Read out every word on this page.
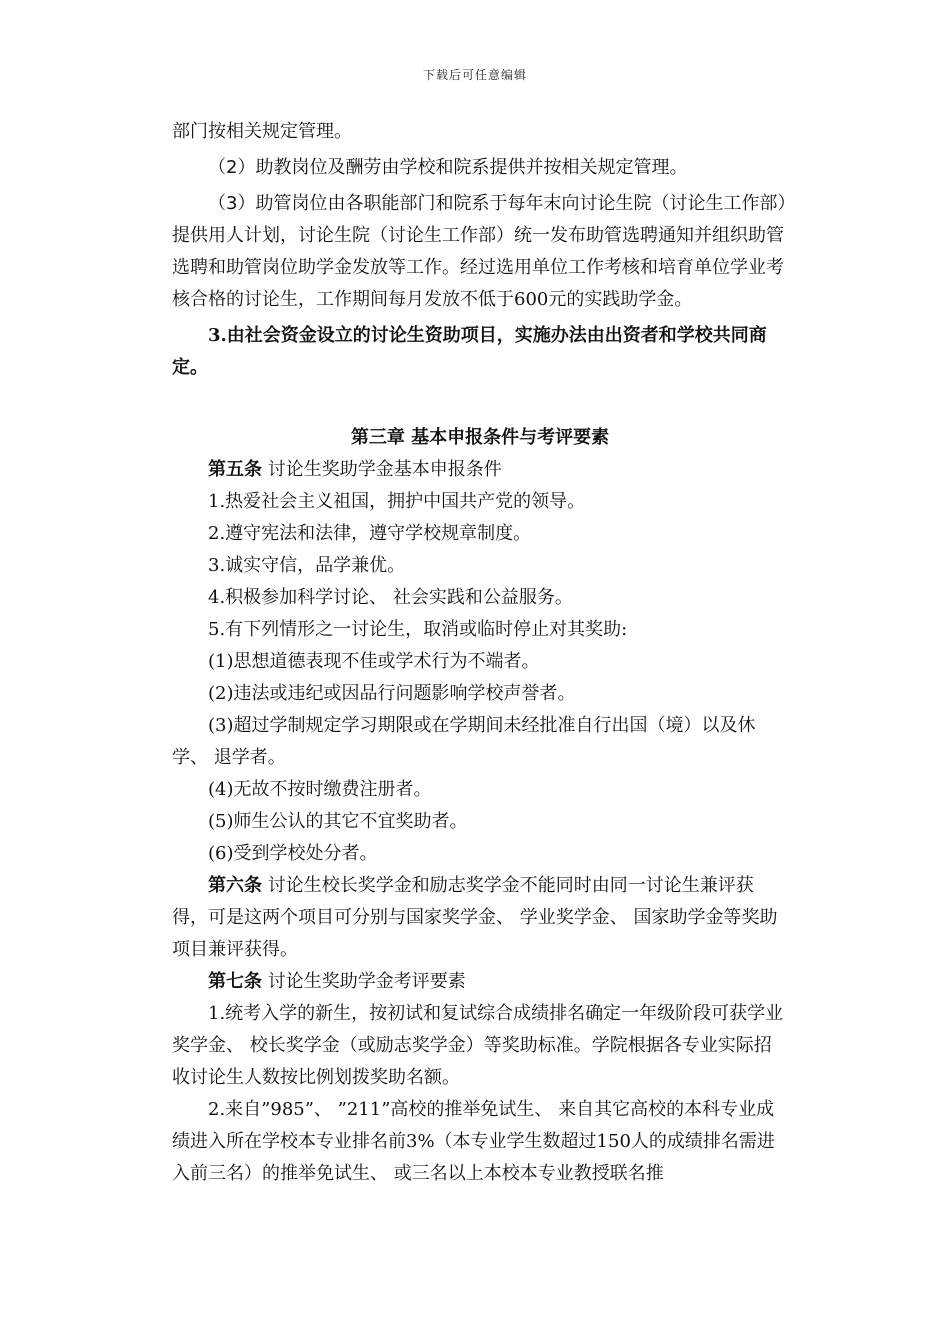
下载后可任意编辑

部门按相关规定管理。

（2）助教岗位及酬劳由学校和院系提供并按相关规定管理。

（3）助管岗位由各职能部门和院系于每年末向讨论生院（讨论生工作部）提供用人计划，讨论生院（讨论生工作部）统一发布助管选聘通知并组织助管选聘和助管岗位助学金发放等工作。经过选用单位工作考核和培育单位学业考核合格的讨论生，工作期间每月发放不低于600元的实践助学金。

3.由社会资金设立的讨论生资助项目，实施办法由出资者和学校共同商定。

第三章 基本申报条件与考评要素

第五条 讨论生奖助学金基本申报条件

1.热爱社会主义祖国，拥护中国共产党的领导。

2.遵守宪法和法律，遵守学校规章制度。

3.诚实守信，品学兼优。

4.积极参加科学讨论、 社会实践和公益服务。

5.有下列情形之一讨论生，取消或临时停止对其奖助:

(1)思想道德表现不佳或学术行为不端者。

(2)违法或违纪或因品行问题影响学校声誉者。

(3)超过学制规定学习期限或在学期间未经批准自行出国（境）以及休学、 退学者。

(4)无故不按时缴费注册者。

(5)师生公认的其它不宜奖助者。

(6)受到学校处分者。

第六条 讨论生校长奖学金和励志奖学金不能同时由同一讨论生兼评获得，可是这两个项目可分别与国家奖学金、 学业奖学金、 国家助学金等奖助项目兼评获得。

第七条 讨论生奖助学金考评要素

1.统考入学的新生，按初试和复试综合成绩排名确定一年级阶段可获学业奖学金、 校长奖学金（或励志奖学金）等奖助标准。学院根据各专业实际招收讨论生人数按比例划拨奖助名额。

2.来自”985”、 ”211”高校的推举免试生、 来自其它高校的本科专业成绩进入所在学校本专业排名前3%（本专业学生数超过150人的成绩排名需进入前三名）的推举免试生、 或三名以上本校本专业教授联名推
